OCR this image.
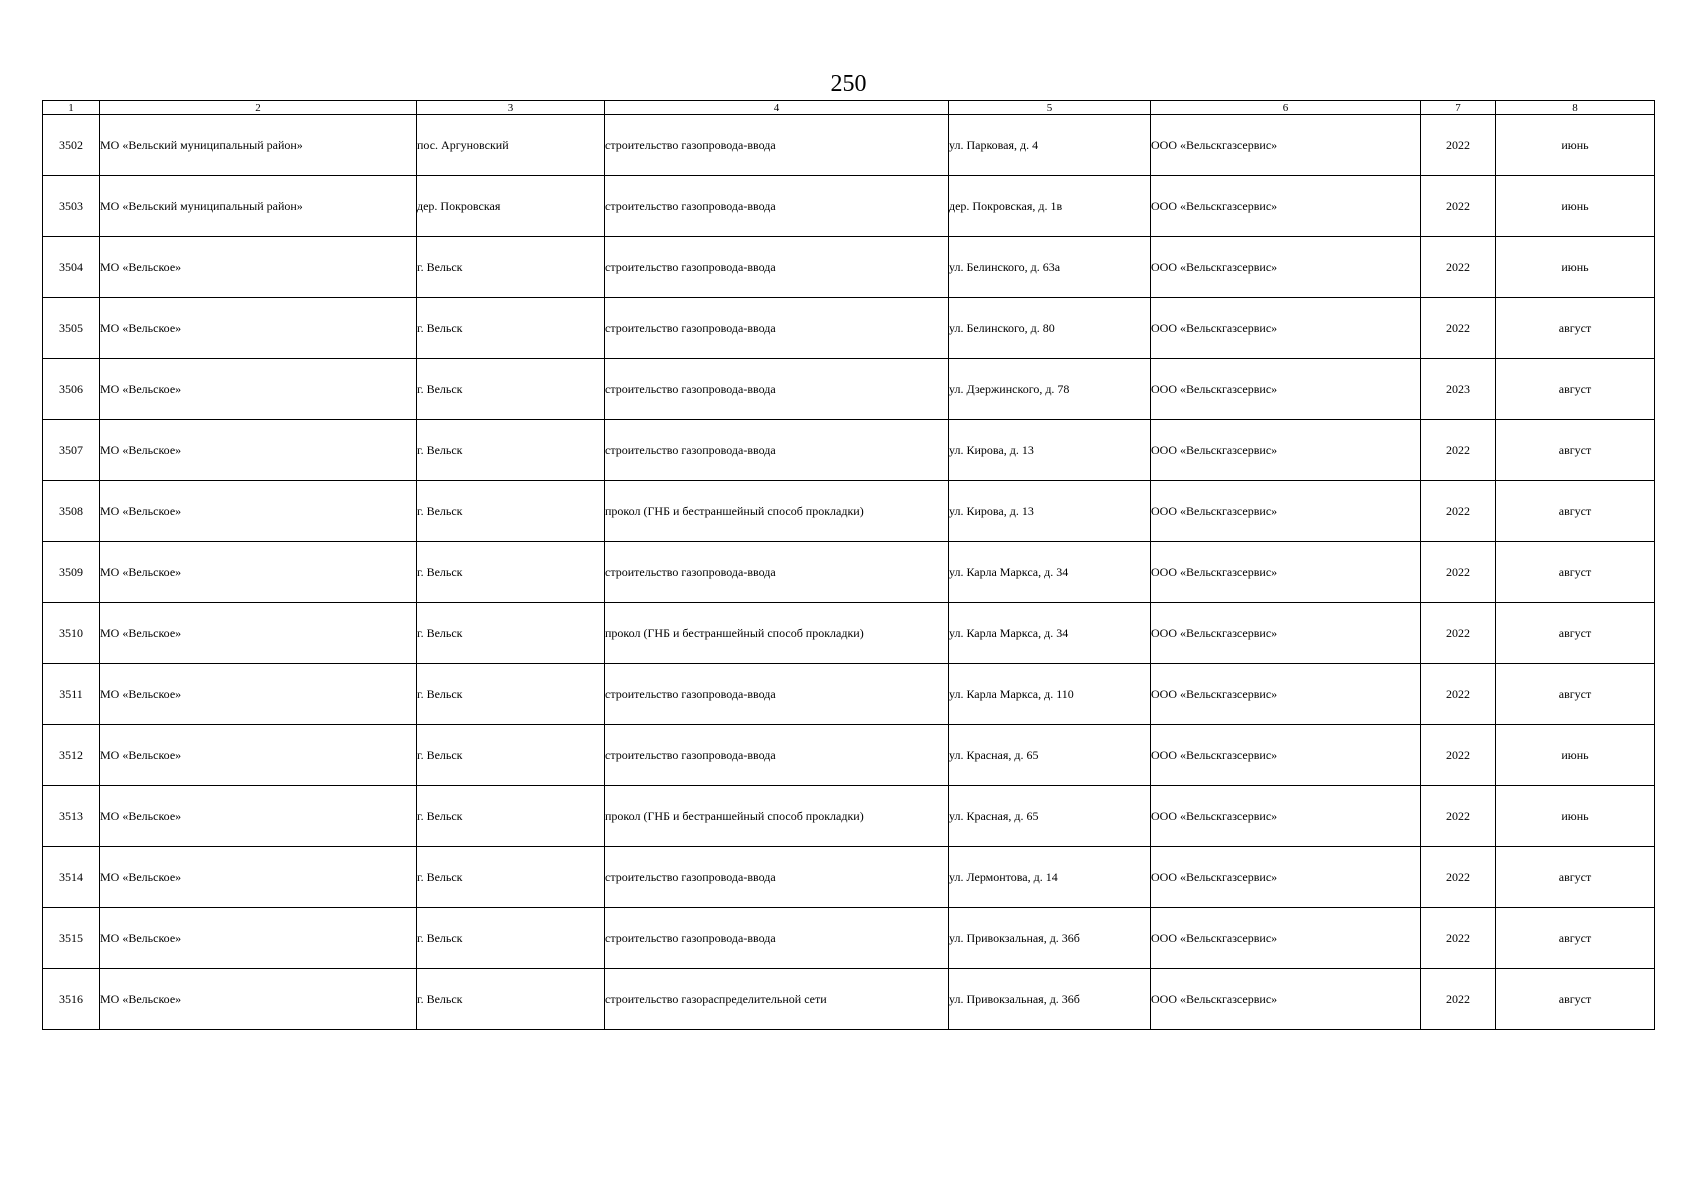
250
1	2	3	4	5	6	7	8
3502	МО «Вельский муниципальный район»	пос. Аргуновский	строительство газопровода-ввода	ул. Парковая, д. 4	ООО «Вельскгазсервис»	2022	июнь
3503	МО «Вельский муниципальный район»	дер. Покровская	строительство газопровода-ввода	дер. Покровская, д. 1в	ООО «Вельскгазсервис»	2022	июнь
3504	МО «Вельское»	г. Вельск	строительство газопровода-ввода	ул. Белинского, д. 63а	ООО «Вельскгазсервис»	2022	июнь
3505	МО «Вельское»	г. Вельск	строительство газопровода-ввода	ул. Белинского, д. 80	ООО «Вельскгазсервис»	2022	август
3506	МО «Вельское»	г. Вельск	строительство газопровода-ввода	ул. Дзержинского, д. 78	ООО «Вельскгазсервис»	2023	август
3507	МО «Вельское»	г. Вельск	строительство газопровода-ввода	ул. Кирова, д. 13	ООО «Вельскгазсервис»	2022	август
3508	МО «Вельское»	г. Вельск	прокол (ГНБ и бестраншейный способ прокладки)	ул. Кирова, д. 13	ООО «Вельскгазсервис»	2022	август
3509	МО «Вельское»	г. Вельск	строительство газопровода-ввода	ул. Карла Маркса, д. 34	ООО «Вельскгазсервис»	2022	август
3510	МО «Вельское»	г. Вельск	прокол (ГНБ и бестраншейный способ прокладки)	ул. Карла Маркса, д. 34	ООО «Вельскгазсервис»	2022	август
3511	МО «Вельское»	г. Вельск	строительство газопровода-ввода	ул. Карла Маркса, д. 110	ООО «Вельскгазсервис»	2022	август
3512	МО «Вельское»	г. Вельск	строительство газопровода-ввода	ул. Красная, д. 65	ООО «Вельскгазсервис»	2022	июнь
3513	МО «Вельское»	г. Вельск	прокол (ГНБ и бестраншейный способ прокладки)	ул. Красная, д. 65	ООО «Вельскгазсервис»	2022	июнь
3514	МО «Вельское»	г. Вельск	строительство газопровода-ввода	ул. Лермонтова, д. 14	ООО «Вельскгазсервис»	2022	август
3515	МО «Вельское»	г. Вельск	строительство газопровода-ввода	ул. Привокзальная, д. 36б	ООО «Вельскгазсервис»	2022	август
3516	МО «Вельское»	г. Вельск	строительство газораспределительной сети	ул. Привокзальная, д. 36б	ООО «Вельскгазсервис»	2022	август
